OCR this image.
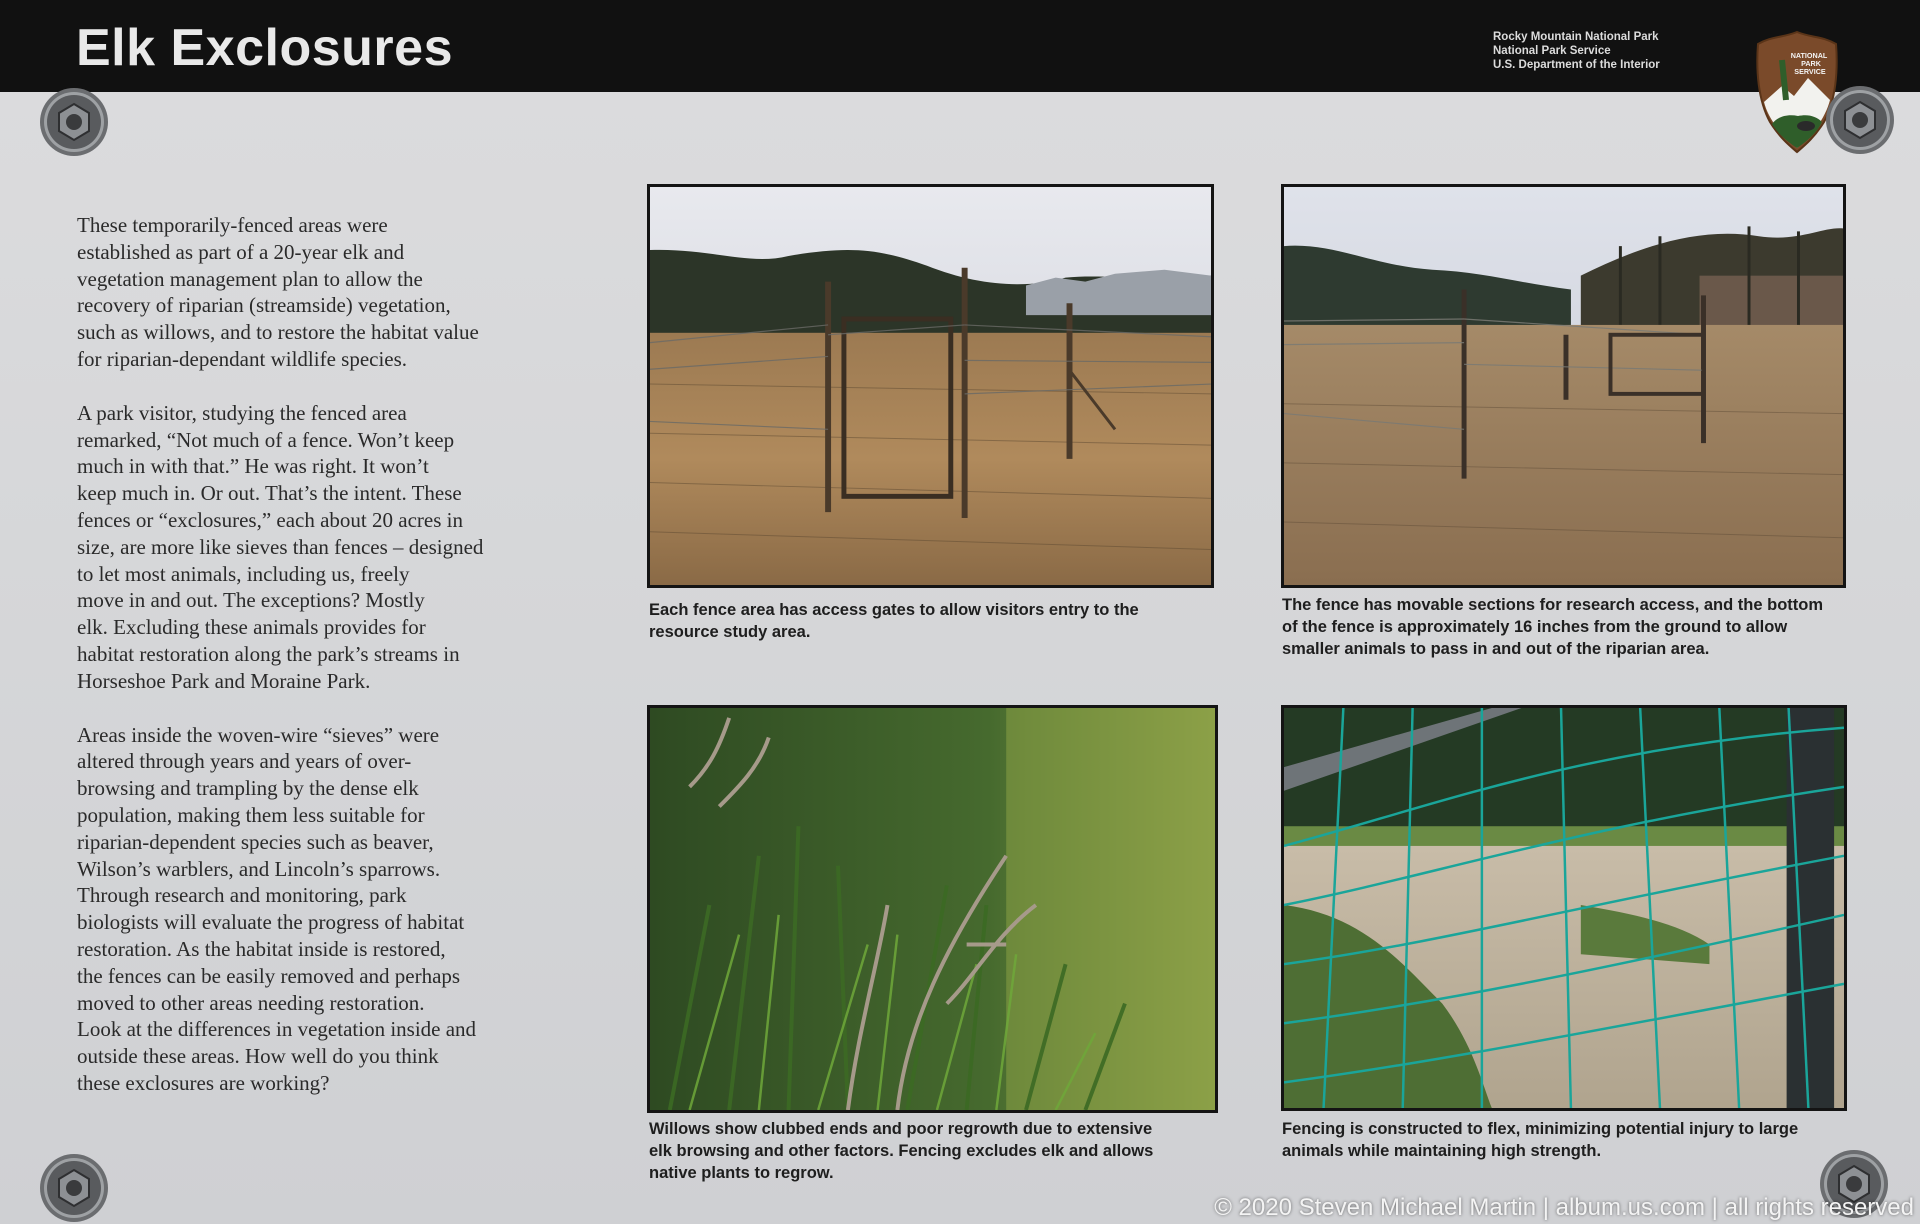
Elk Exclosures	Rocky Mountain National Park
National Park Service
U.S. Department of the Interior
NATIONAL
PARK
SERVICE

These temporarily-fenced areas were
established as part of a 20-year elk and
vegetation management plan to allow the
recovery of riparian (streamside) vegetation,
such as willows, and to restore the habitat value
for riparian-dependant wildlife species.

A park visitor, studying the fenced area
remarked, “Not much of a fence. Won’t keep
much in with that.” He was right. It won’t
keep much in. Or out. That’s the intent. These
fences or “exclosures,” each about 20 acres in
size, are more like sieves than fences – designed
to let most animals, including us, freely
move in and out. The exceptions? Mostly
elk. Excluding these animals provides for
habitat restoration along the park’s streams in
Horseshoe Park and Moraine Park.

Areas inside the woven-wire “sieves” were
altered through years and years of over-
browsing and trampling by the dense elk
population, making them less suitable for
riparian-dependent species such as beaver,
Wilson’s warblers, and Lincoln’s sparrows.
Through research and monitoring, park
biologists will evaluate the progress of habitat
restoration. As the habitat inside is restored,
the fences can be easily removed and perhaps
moved to other areas needing restoration.
Look at the differences in vegetation inside and
outside these areas. How well do you think
these exclosures are working?

Each fence area has access gates to allow visitors entry to the
resource study area.
The fence has movable sections for research access, and the bottom
of the fence is approximately 16 inches from the ground to allow
smaller animals to pass in and out of the riparian area.
Willows show clubbed ends and poor regrowth due to extensive
elk browsing and other factors. Fencing excludes elk and allows
native plants to regrow.
Fencing is constructed to flex, minimizing potential injury to large
animals while maintaining high strength.
© 2020 Steven Michael Martin | album.us.com | all rights reserved
